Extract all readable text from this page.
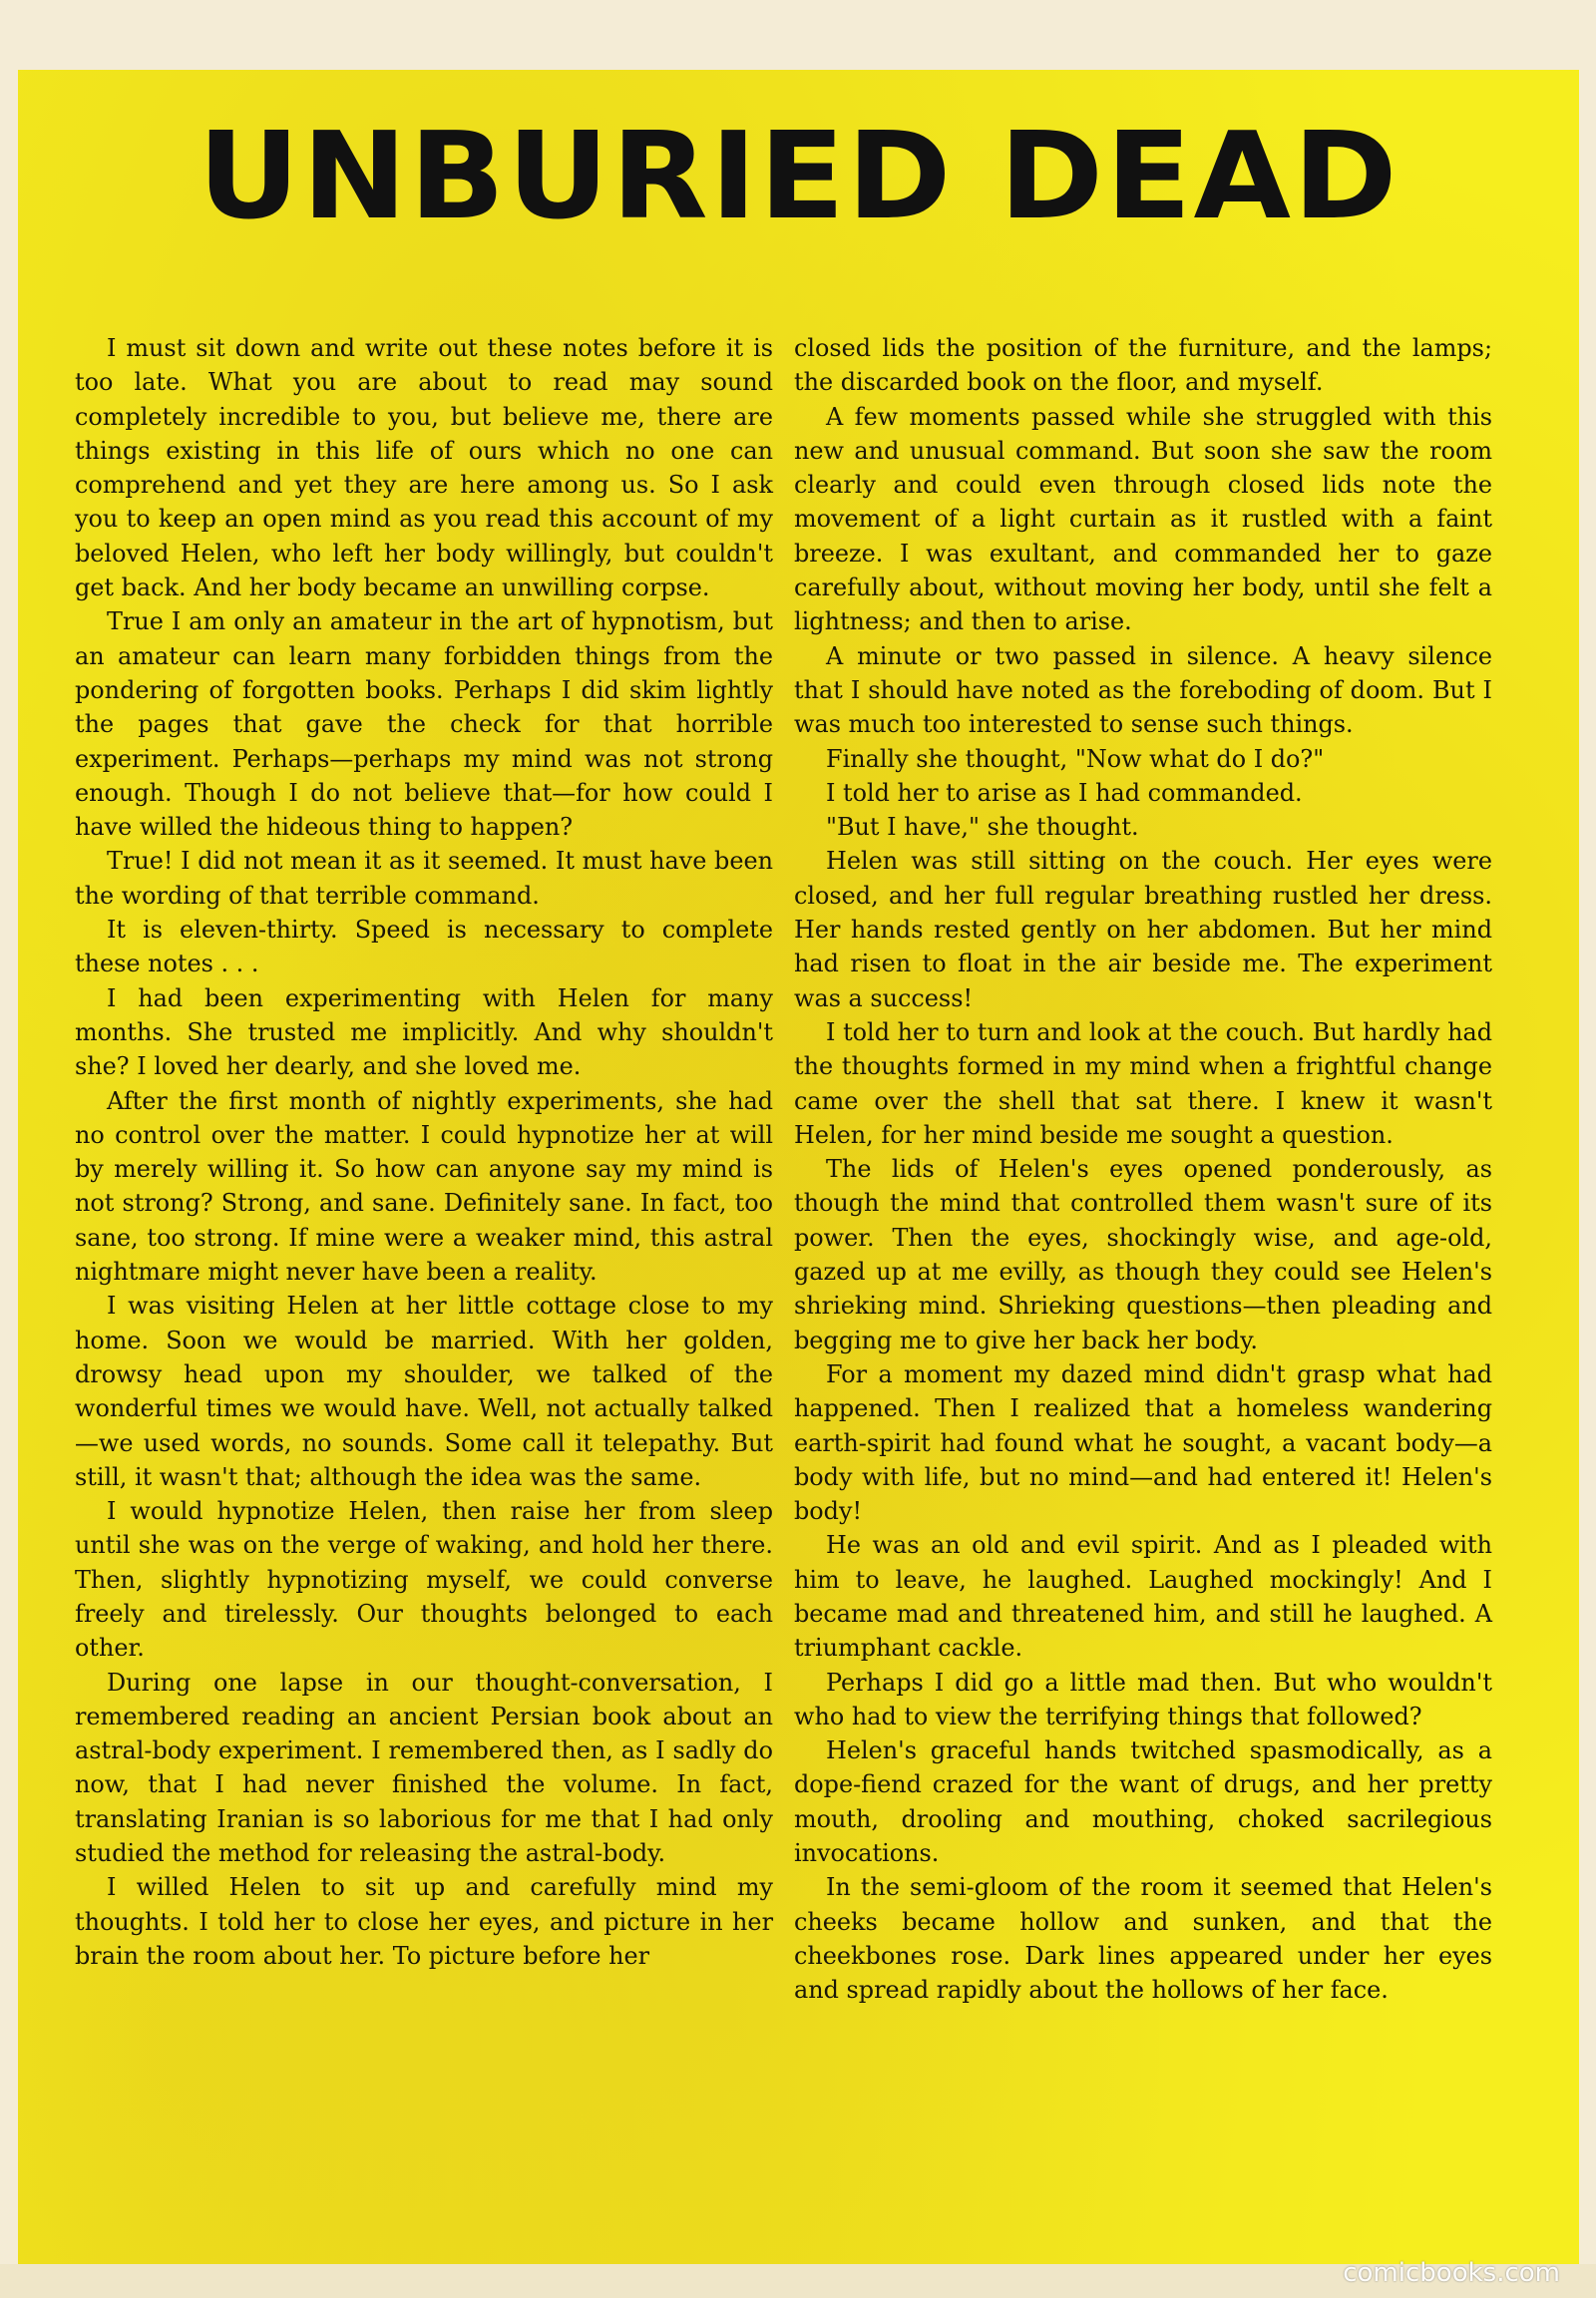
UNBURIED DEAD

I must sit down and write out these notes before it is too late. What you are about to read may sound completely incredible to you, but believe me, there are things existing in this life of ours which no one can comprehend and yet they are here among us. So I ask you to keep an open mind as you read this account of my beloved Helen, who left her body willingly, but couldn't get back. And her body became an unwilling corpse.

True I am only an amateur in the art of hypnotism, but an amateur can learn many forbidden things from the pondering of forgotten books. Perhaps I did skim lightly the pages that gave the check for that horrible experiment. Perhaps—perhaps my mind was not strong enough. Though I do not believe that—for how could I have willed the hideous thing to happen?

True! I did not mean it as it seemed. It must have been the wording of that terrible command.

It is eleven-thirty. Speed is necessary to complete these notes . . .

I had been experimenting with Helen for many months. She trusted me implicitly. And why shouldn't she? I loved her dearly, and she loved me.

After the first month of nightly experiments, she had no control over the matter. I could hypnotize her at will by merely willing it. So how can anyone say my mind is not strong? Strong, and sane. Definitely sane. In fact, too sane, too strong. If mine were a weaker mind, this astral nightmare might never have been a reality.

I was visiting Helen at her little cottage close to my home. Soon we would be married. With her golden, drowsy head upon my shoulder, we talked of the wonderful times we would have. Well, not actually talked—we used words, no sounds. Some call it telepathy. But still, it wasn't that; although the idea was the same.

I would hypnotize Helen, then raise her from sleep until she was on the verge of waking, and hold her there. Then, slightly hypnotizing myself, we could converse freely and tirelessly. Our thoughts belonged to each other.

During one lapse in our thought-conversation, I remembered reading an ancient Persian book about an astral-body experiment. I remembered then, as I sadly do now, that I had never finished the volume. In fact, translating Iranian is so laborious for me that I had only studied the method for releasing the astral-body.

I willed Helen to sit up and carefully mind my thoughts. I told her to close her eyes, and picture in her brain the room about her. To picture before her

closed lids the position of the furniture, and the lamps; the discarded book on the floor, and myself.

A few moments passed while she struggled with this new and unusual command. But soon she saw the room clearly and could even through closed lids note the movement of a light curtain as it rustled with a faint breeze. I was exultant, and commanded her to gaze carefully about, without moving her body, until she felt a lightness; and then to arise.

A minute or two passed in silence. A heavy silence that I should have noted as the foreboding of doom. But I was much too interested to sense such things.

Finally she thought, "Now what do I do?"

I told her to arise as I had commanded.

"But I have," she thought.

Helen was still sitting on the couch. Her eyes were closed, and her full regular breathing rustled her dress. Her hands rested gently on her abdomen. But her mind had risen to float in the air beside me. The experiment was a success!

I told her to turn and look at the couch. But hardly had the thoughts formed in my mind when a frightful change came over the shell that sat there. I knew it wasn't Helen, for her mind beside me sought a question.

The lids of Helen's eyes opened ponderously, as though the mind that controlled them wasn't sure of its power. Then the eyes, shockingly wise, and age-old, gazed up at me evilly, as though they could see Helen's shrieking mind. Shrieking questions—then pleading and begging me to give her back her body.

For a moment my dazed mind didn't grasp what had happened. Then I realized that a homeless wandering earth-spirit had found what he sought, a vacant body—a body with life, but no mind—and had entered it! Helen's body!

He was an old and evil spirit. And as I pleaded with him to leave, he laughed. Laughed mockingly! And I became mad and threatened him, and still he laughed. A triumphant cackle.

Perhaps I did go a little mad then. But who wouldn't who had to view the terrifying things that followed?

Helen's graceful hands twitched spasmodically, as a dope-fiend crazed for the want of drugs, and her pretty mouth, drooling and mouthing, choked sacrilegious invocations.

In the semi-gloom of the room it seemed that Helen's cheeks became hollow and sunken, and that the cheekbones rose. Dark lines appeared under her eyes and spread rapidly about the hollows of her face.

comicbooks.com
